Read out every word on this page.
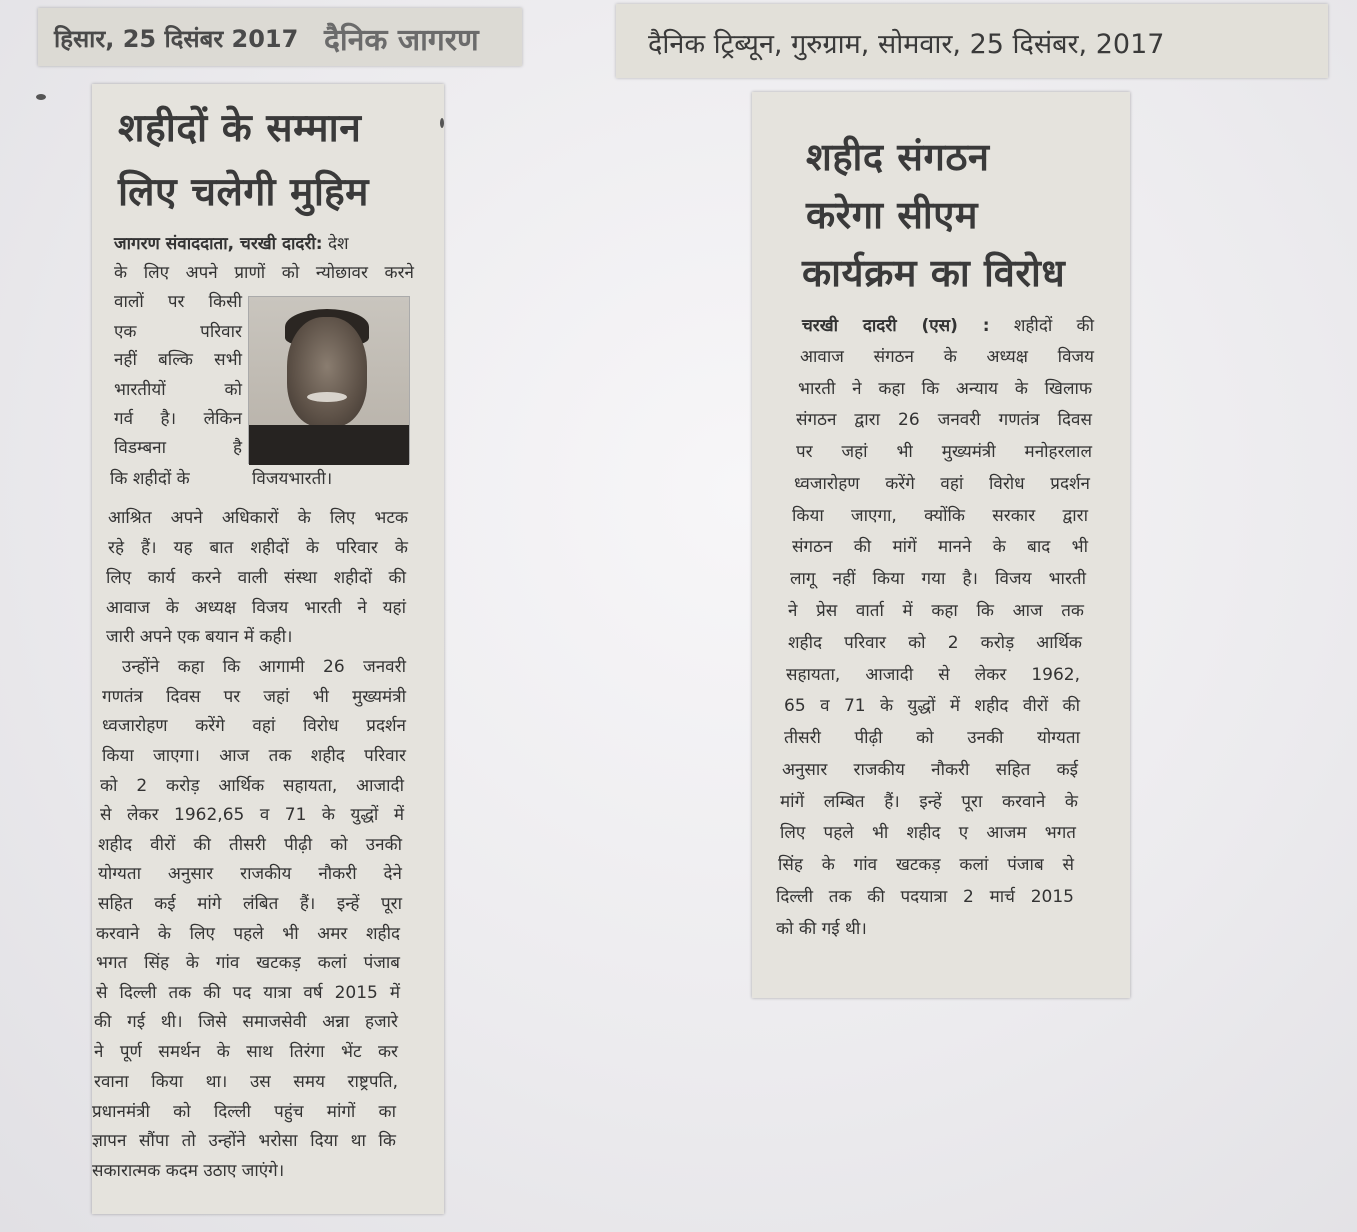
हिसार, 25 दिसंबर 2017 दैनिक जागरण	दैनिक ट्रिब्यून, गुरुग्राम, सोमवार, 25 दिसंबर, 2017
शहीदों के सम्मान
लिए चलेगी मुहिम
जागरण संवाददाता, चरखी दादरी: देश
के लिए अपने प्राणों को न्योछावर करने
वालों पर किसी
एक परिवार
नहीं बल्कि सभी
भारतीयों को
गर्व है। लेकिन
विडम्बना है
कि शहीदों के	विजयभारती।
आश्रित अपने अधिकारों के लिए भटक
रहे हैं। यह बात शहीदों के परिवार के
लिए कार्य करने वाली संस्था शहीदों की
आवाज के अध्यक्ष विजय भारती ने यहां
जारी अपने एक बयान में कही।
उन्होंने कहा कि आगामी 26 जनवरी
गणतंत्र दिवस पर जहां भी मुख्यमंत्री
ध्वजारोहण करेंगे वहां विरोध प्रदर्शन
किया जाएगा। आज तक शहीद परिवार
को 2 करोड़ आर्थिक सहायता, आजादी
से लेकर 1962,65 व 71 के युद्धों में
शहीद वीरों की तीसरी पीढ़ी को उनकी
योग्यता अनुसार राजकीय नौकरी देने
सहित कई मांगे लंबित हैं। इन्हें पूरा
करवाने के लिए पहले भी अमर शहीद
भगत सिंह के गांव खटकड़ कलां पंजाब
से दिल्ली तक की पद यात्रा वर्ष 2015 में
की गई थी। जिसे समाजसेवी अन्ना हजारे
ने पूर्ण समर्थन के साथ तिरंगा भेंट कर
रवाना किया था। उस समय राष्ट्रपति,
प्रधानमंत्री को दिल्ली पहुंच मांगों का
ज्ञापन सौंपा तो उन्होंने भरोसा दिया था कि
सकारात्मक कदम उठाए जाएंगे।
शहीद संगठन
करेगा सीएम
कार्यक्रम का विरोध
चरखी दादरी (एस) : शहीदों की
आवाज संगठन के अध्यक्ष विजय
भारती ने कहा कि अन्याय के खिलाफ
संगठन द्वारा 26 जनवरी गणतंत्र दिवस
पर जहां भी मुख्यमंत्री मनोहरलाल
ध्वजारोहण करेंगे वहां विरोध प्रदर्शन
किया जाएगा, क्योंकि सरकार द्वारा
संगठन की मांगें मानने के बाद भी
लागू नहीं किया गया है। विजय भारती
ने प्रेस वार्ता में कहा कि आज तक
शहीद परिवार को 2 करोड़ आर्थिक
सहायता, आजादी से लेकर 1962,
65 व 71 के युद्धों में शहीद वीरों की
तीसरी पीढ़ी को उनकी योग्यता
अनुसार राजकीय नौकरी सहित कई
मांगें लम्बित हैं। इन्हें पूरा करवाने के
लिए पहले भी शहीद ए आजम भगत
सिंह के गांव खटकड़ कलां पंजाब से
दिल्ली तक की पदयात्रा 2 मार्च 2015
को की गई थी।
